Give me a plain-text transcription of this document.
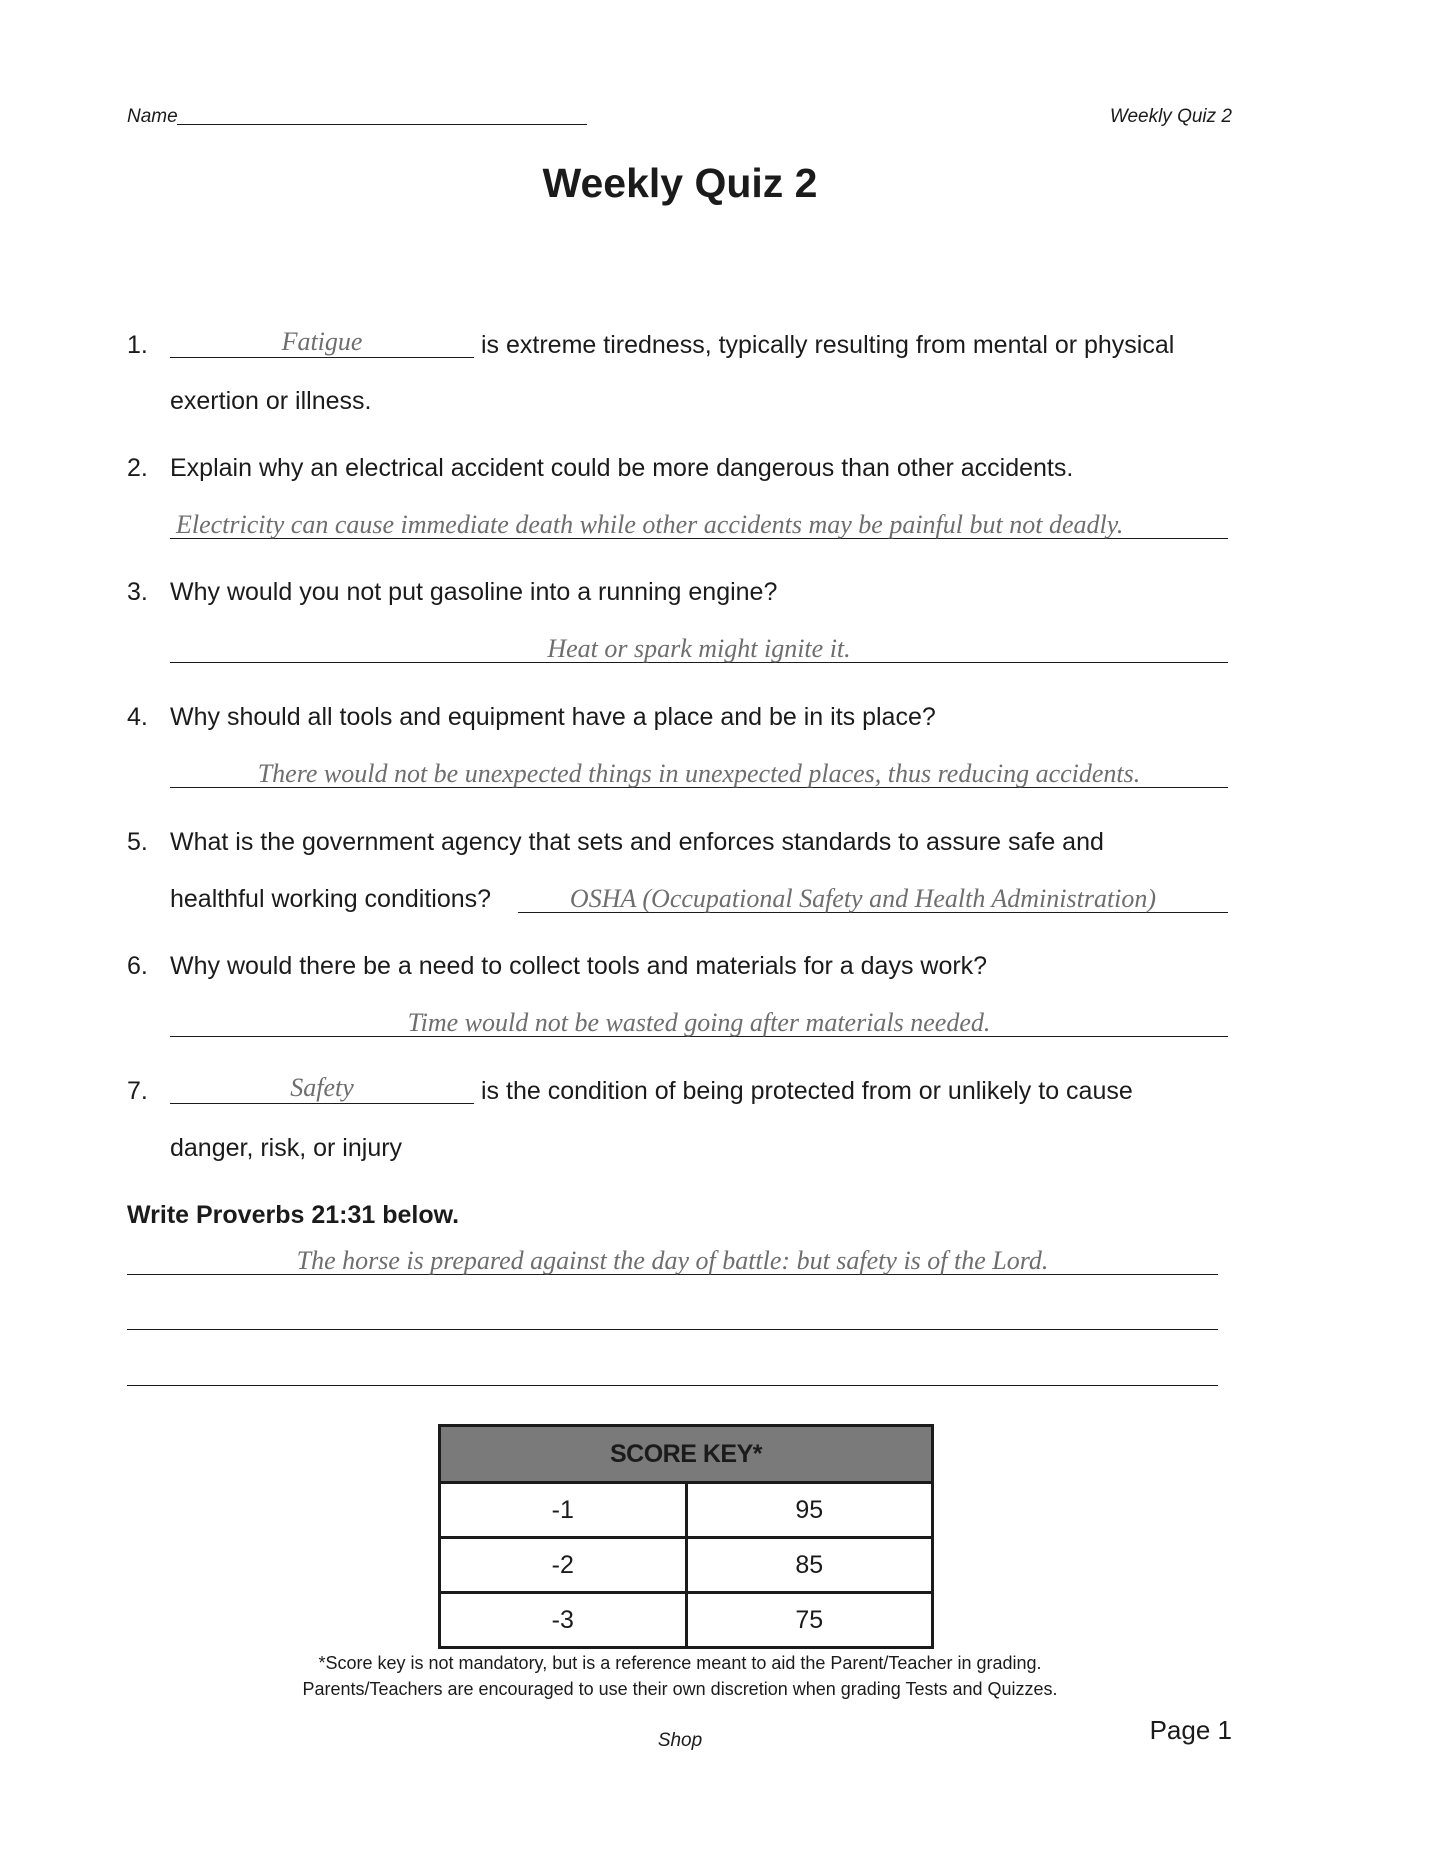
Name	Weekly Quiz 2
Weekly Quiz 2
1.	Fatigue	is extreme tiredness, typically resulting from mental or physical
exertion or illness.
2. Explain why an electrical accident could be more dangerous than other accidents.
Electricity can cause immediate death while other accidents may be painful but not deadly.
3. Why would you not put gasoline into a running engine?
Heat or spark might ignite it.
4. Why should all tools and equipment have a place and be in its place?
There would not be unexpected things in unexpected places, thus reducing accidents.
5. What is the government agency that sets and enforces standards to assure safe and
healthful working conditions?	OSHA (Occupational Safety and Health Administration)
6. Why would there be a need to collect tools and materials for a days work?
Time would not be wasted going after materials needed.
7.	Safety	is the condition of being protected from or unlikely to cause
danger, risk, or injury
Write Proverbs 21:31 below.
The horse is prepared against the day of battle: but safety is of the Lord.
SCORE KEY*	
-1	95
-2	85
-3	75
*Score key is not mandatory, but is a reference meant to aid the Parent/Teacher in grading.
Parents/Teachers are encouraged to use their own discretion when grading Tests and Quizzes.
Shop	Page 1
